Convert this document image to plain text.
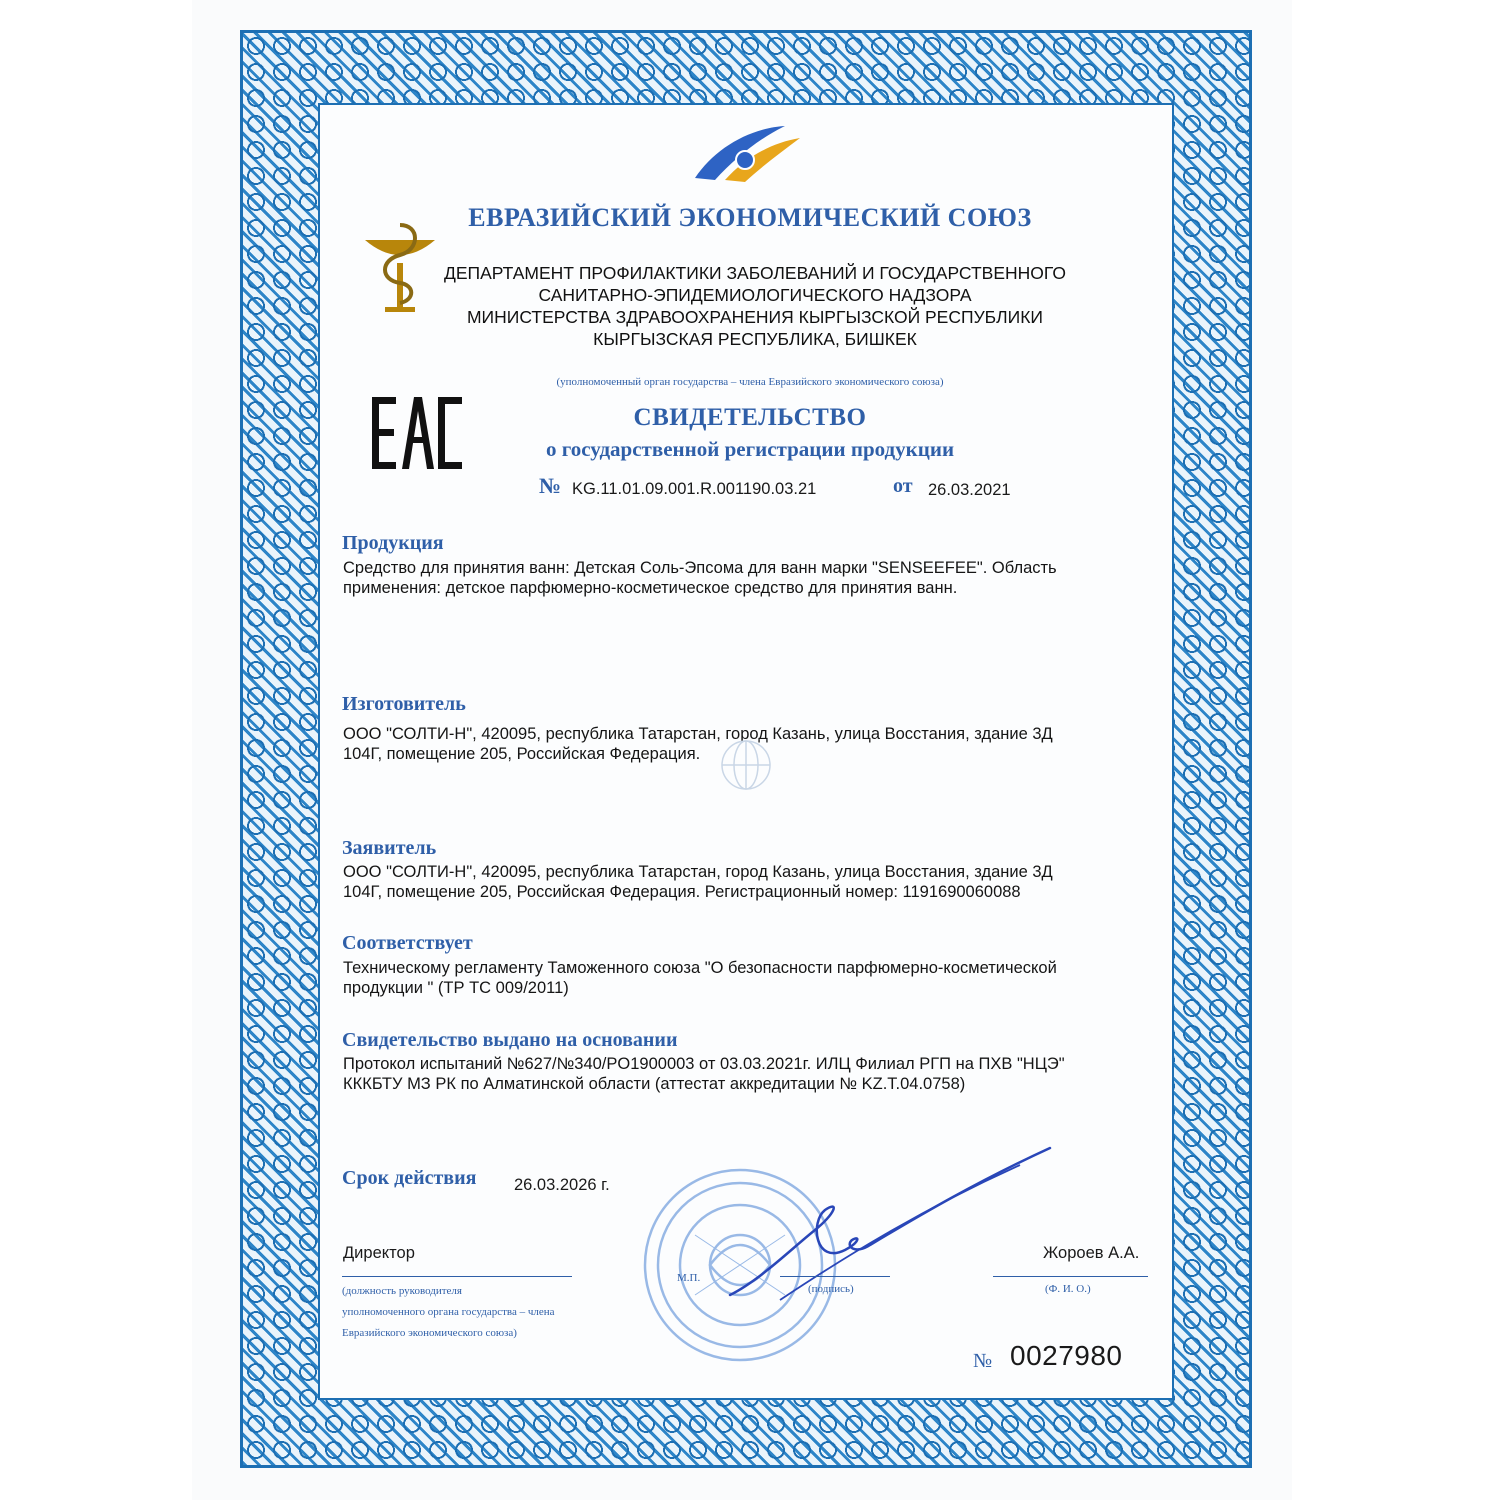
ЕВРАЗИЙСКИЙ ЭКОНОМИЧЕСКИЙ СОЮЗ
ДЕПАРТАМЕНТ ПРОФИЛАКТИКИ ЗАБОЛЕВАНИЙ И ГОСУДАРСТВЕННОГО
САНИТАРНО-ЭПИДЕМИОЛОГИЧЕСКОГО НАДЗОРА
МИНИСТЕРСТВА ЗДРАВООХРАНЕНИЯ КЫРГЫЗСКОЙ РЕСПУБЛИКИ
КЫРГЫЗСКАЯ РЕСПУБЛИКА, БИШКЕК
(уполномоченный орган государства – члена Евразийского экономического союза)
СВИДЕТЕЛЬСТВО
о государственной регистрации продукции
№ KG.11.01.09.001.R.001190.03.21	от 26.03.2021
Продукция
Средство для принятия ванн: Детская Соль-Эпсома для ванн марки "SENSEEFEE". Область
применения: детское парфюмерно-косметическое средство для принятия ванн.
Изготовитель
ООО "СОЛТИ-Н", 420095, республика Татарстан, город Казань, улица Восстания, здание 3Д
104Г, помещение 205, Российская Федерация.
Заявитель
ООО "СОЛТИ-Н", 420095, республика Татарстан, город Казань, улица Восстания, здание 3Д
104Г, помещение 205, Российская Федерация. Регистрационный номер: 1191690060088
Соответствует
Техническому регламенту Таможенного союза "О безопасности парфюмерно-косметической
продукции " (ТР ТС 009/2011)
Свидетельство выдано на основании
Протокол испытаний №627/№340/PO1900003 от 03.03.2021г. ИЛЦ Филиал РГП на ПХВ "НЦЭ"
КККБТУ МЗ РК по Алматинской области (аттестат аккредитации № KZ.T.04.0758)
Срок действия 26.03.2026 г.
Директор
(должность руководителя
уполномоченного органа государства – члена
Евразийского экономического союза)
М.П.
(подпись)
Жороев А.А.
(Ф. И. О.)
№ 0027980
